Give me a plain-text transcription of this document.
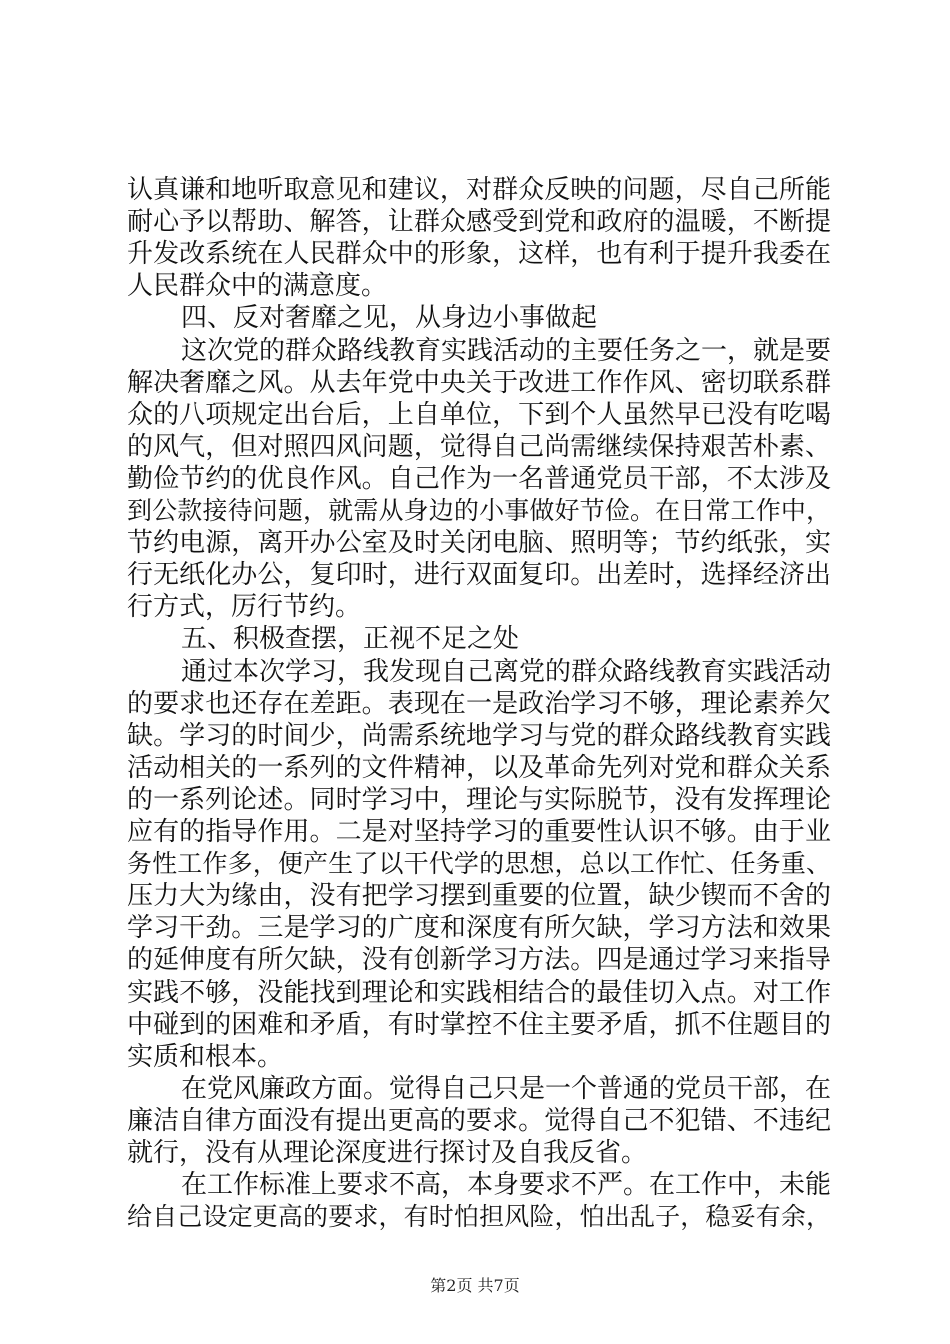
认真谦和地听取意见和建议，对群众反映的问题，尽自己所能
耐心予以帮助、解答，让群众感受到党和政府的温暖，不断提
升发改系统在人民群众中的形象，这样，也有利于提升我委在
人民群众中的满意度。
四、反对奢靡之见，从身边小事做起
这次党的群众路线教育实践活动的主要任务之一，就是要
解决奢靡之风。从去年党中央关于改进工作作风、密切联系群
众的八项规定出台后，上自单位，下到个人虽然早已没有吃喝
的风气，但对照四风问题，觉得自己尚需继续保持艰苦朴素、
勤俭节约的优良作风。自己作为一名普通党员干部，不太涉及
到公款接待问题，就需从身边的小事做好节俭。在日常工作中，
节约电源，离开办公室及时关闭电脑、照明等；节约纸张，实
行无纸化办公，复印时，进行双面复印。出差时，选择经济出
行方式，厉行节约。
五、积极查摆，正视不足之处
通过本次学习，我发现自己离党的群众路线教育实践活动
的要求也还存在差距。表现在一是政治学习不够，理论素养欠
缺。学习的时间少，尚需系统地学习与党的群众路线教育实践
活动相关的一系列的文件精神，以及革命先列对党和群众关系
的一系列论述。同时学习中，理论与实际脱节，没有发挥理论
应有的指导作用。二是对坚持学习的重要性认识不够。由于业
务性工作多，便产生了以干代学的思想，总以工作忙、任务重、
压力大为缘由，没有把学习摆到重要的位置，缺少锲而不舍的
学习干劲。三是学习的广度和深度有所欠缺，学习方法和效果
的延伸度有所欠缺，没有创新学习方法。四是通过学习来指导
实践不够，没能找到理论和实践相结合的最佳切入点。对工作
中碰到的困难和矛盾，有时掌控不住主要矛盾，抓不住题目的
实质和根本。
在党风廉政方面。觉得自己只是一个普通的党员干部，在
廉洁自律方面没有提出更高的要求。觉得自己不犯错、不违纪
就行，没有从理论深度进行探讨及自我反省。
在工作标准上要求不高，本身要求不严。在工作中，未能
给自己设定更高的要求，有时怕担风险，怕出乱子，稳妥有余，
第2页 共7页
